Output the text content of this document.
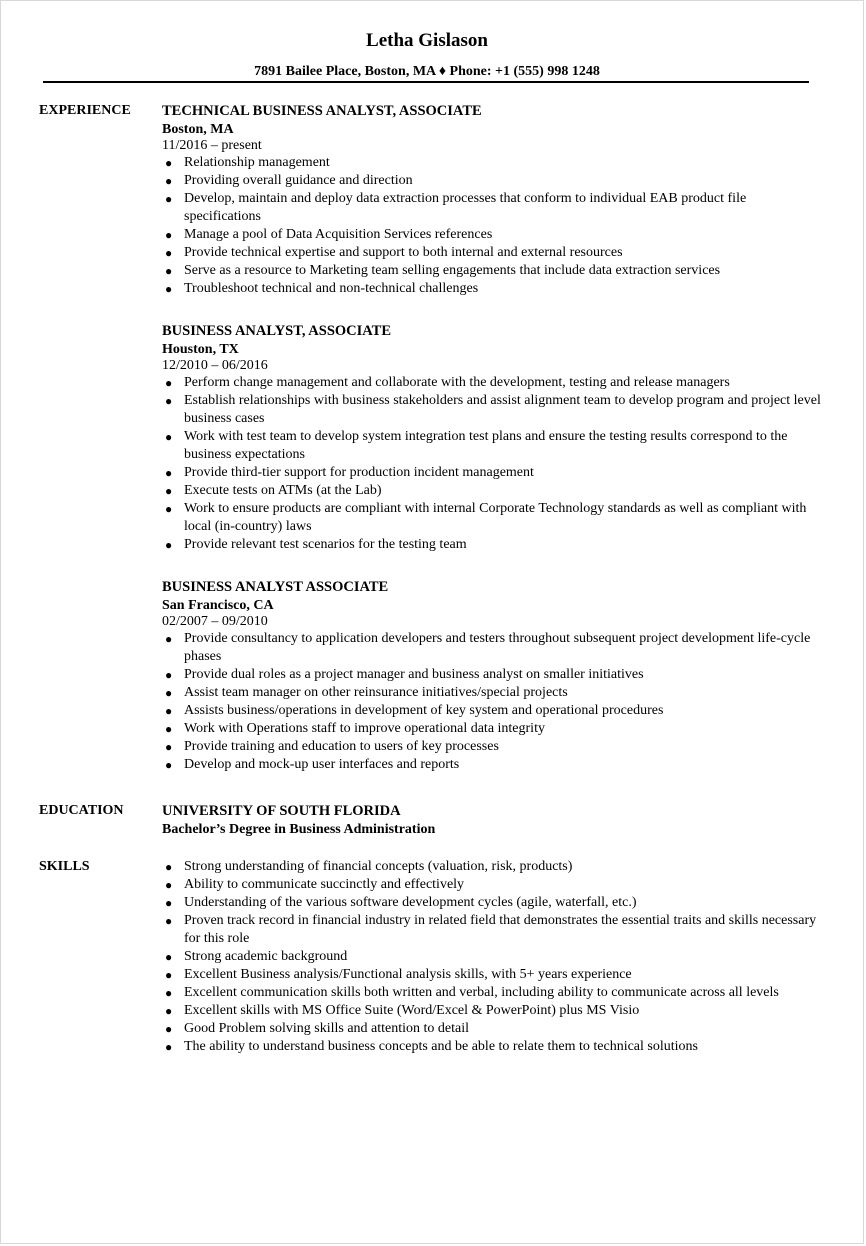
Letha Gislason
7891 Bailee Place, Boston, MA ♦ Phone: +1 (555) 998 1248
EXPERIENCE TECHNICAL BUSINESS ANALYST, ASSOCIATE
Boston, MA
11/2016 – present
● Relationship management
● Providing overall guidance and direction
● Develop, maintain and deploy data extraction processes that conform to individual EAB product file specifications
● Manage a pool of Data Acquisition Services references
● Provide technical expertise and support to both internal and external resources
● Serve as a resource to Marketing team selling engagements that include data extraction services
● Troubleshoot technical and non-technical challenges
BUSINESS ANALYST, ASSOCIATE
Houston, TX
12/2010 – 06/2016
● Perform change management and collaborate with the development, testing and release managers
● Establish relationships with business stakeholders and assist alignment team to develop program and project level business cases
● Work with test team to develop system integration test plans and ensure the testing results correspond to the business expectations
● Provide third-tier support for production incident management
● Execute tests on ATMs (at the Lab)
● Work to ensure products are compliant with internal Corporate Technology standards as well as compliant with local (in-country) laws
● Provide relevant test scenarios for the testing team
BUSINESS ANALYST ASSOCIATE
San Francisco, CA
02/2007 – 09/2010
● Provide consultancy to application developers and testers throughout subsequent project development life-cycle phases
● Provide dual roles as a project manager and business analyst on smaller initiatives
● Assist team manager on other reinsurance initiatives/special projects
● Assists business/operations in development of key system and operational procedures
● Work with Operations staff to improve operational data integrity
● Provide training and education to users of key processes
● Develop and mock-up user interfaces and reports
EDUCATION	UNIVERSITY OF SOUTH FLORIDA
Bachelor’s Degree in Business Administration
SKILLS	● Strong understanding of financial concepts (valuation, risk, products)
● Ability to communicate succinctly and effectively
● Understanding of the various software development cycles (agile, waterfall, etc.)
● Proven track record in financial industry in related field that demonstrates the essential traits and skills necessary for this role
● Strong academic background
● Excellent Business analysis/Functional analysis skills, with 5+ years experience
● Excellent communication skills both written and verbal, including ability to communicate across all levels
● Excellent skills with MS Office Suite (Word/Excel & PowerPoint) plus MS Visio
● Good Problem solving skills and attention to detail
● The ability to understand business concepts and be able to relate them to technical solutions
